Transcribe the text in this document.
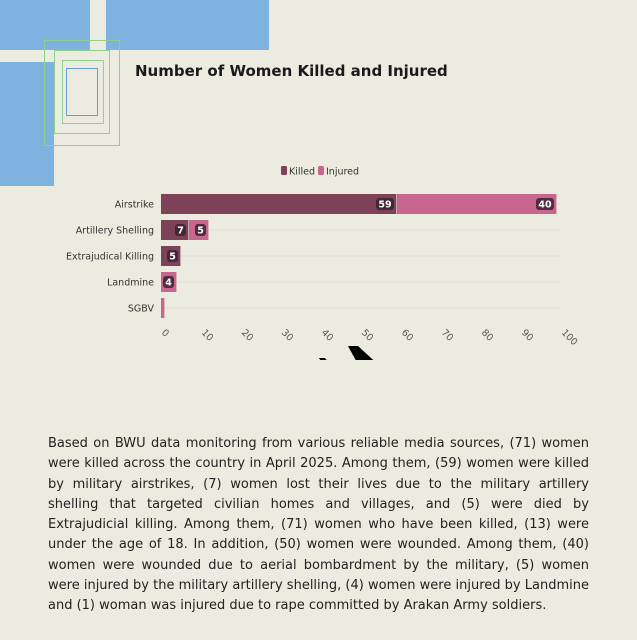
Number of Women Killed and Injured
Killed Injured
59	40
7 5
5
4
Airstrike
Artillery Shelling
Extrajudical Killing
Landmine
SGBV
0	10 20 30 40 50 60 70 80 90 100

Based on BWU data monitoring from various reliable media sources, (71) women were killed across the country in April 2025. Among them, (59) women were killed by military airstrikes, (7) women lost their lives due to the military artillery shelling that targeted civilian homes and villages, and (5) were died by Extrajudicial killing. Among them, (71) women who have been killed, (13) were under the age of 18. In addition, (50) women were wounded. Among them, (40) women were wounded due to aerial bombardment by the military, (5) women were injured by the military artillery shelling, (4) women were injured by Landmine and (1) woman was injured due to rape committed by Arakan Army soldiers.
